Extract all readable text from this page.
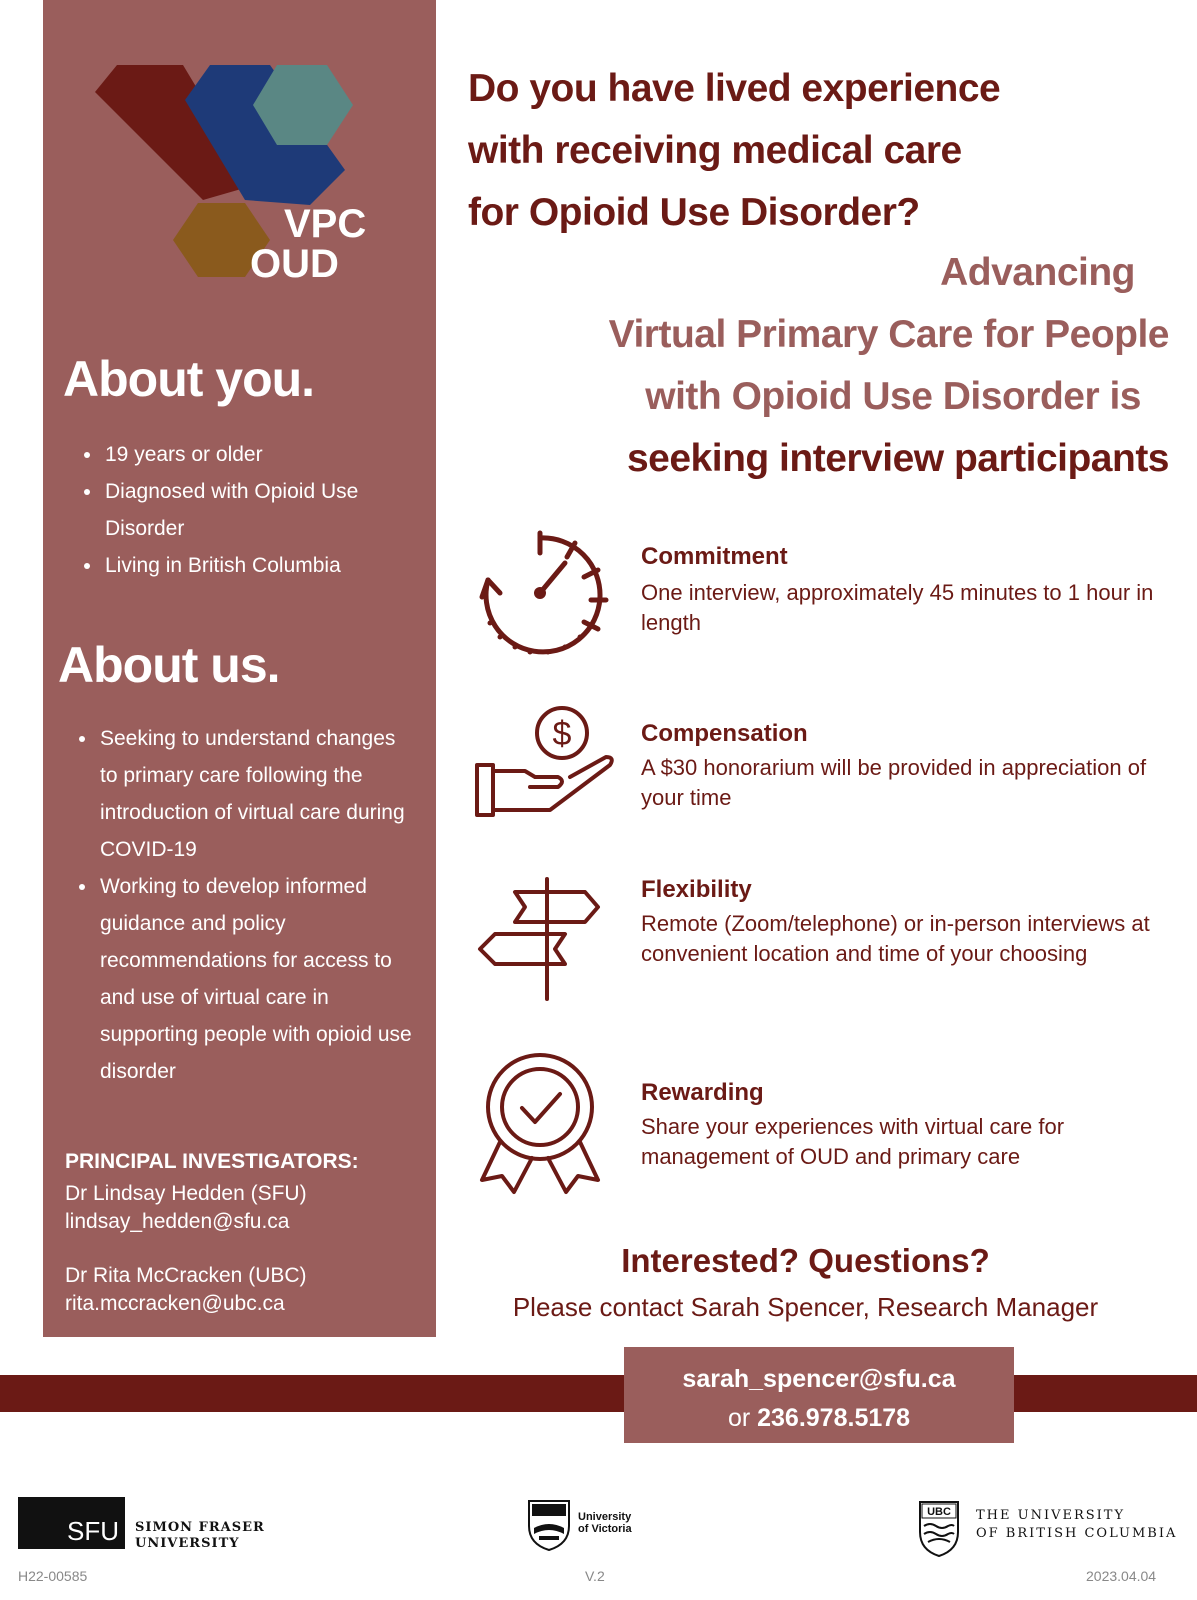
VPC
OUD
About you.
• 19 years or older
• Diagnosed with Opioid Use Disorder
• Living in British Columbia
About us.
• Seeking to understand changes to primary care following the introduction of virtual care during COVID-19
• Working to develop informed guidance and policy recommendations for access to and use of virtual care in supporting people with opioid use disorder
PRINCIPAL INVESTIGATORS:
Dr Lindsay Hedden (SFU)
lindsay_hedden@sfu.ca
Dr Rita McCracken (UBC)
rita.mccracken@ubc.ca
Do you have lived experience
with receiving medical care
for Opioid Use Disorder?
Advancing
Virtual Primary Care for People
with Opioid Use Disorder is
seeking interview participants
Commitment
One interview, approximately 45 minutes to 1 hour in length
$	Compensation
A $30 honorarium will be provided in appreciation of your time
Flexibility
Remote (Zoom/telephone) or in-person interviews at convenient location and time of your choosing
Rewarding
Share your experiences with virtual care for management of OUD and primary care
Interested? Questions?
Please contact Sarah Spencer, Research Manager
sarah_spencer@sfu.ca
or 236.978.5178
SFU	SIMON FRASER
UNIVERSITY
University
of Victoria
UBC THE UNIVERSITY
OF BRITISH COLUMBIA
H22-00585	V.2	2023.04.04
